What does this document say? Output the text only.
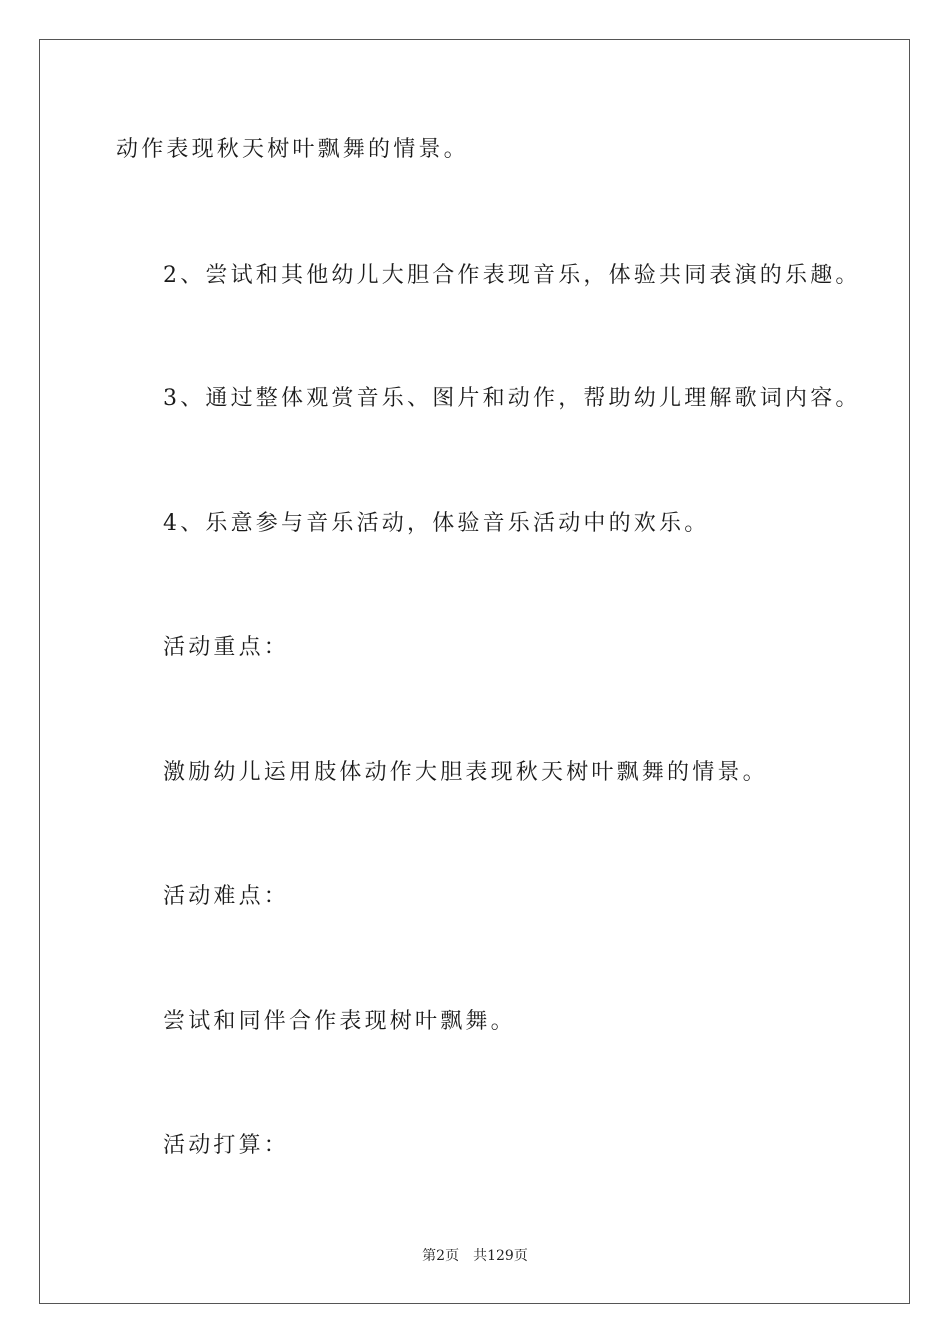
动作表现秋天树叶飘舞的情景。

2、尝试和其他幼儿大胆合作表现音乐，体验共同表演的乐趣。

3、通过整体观赏音乐、图片和动作，帮助幼儿理解歌词内容。

4、乐意参与音乐活动，体验音乐活动中的欢乐。

活动重点：

激励幼儿运用肢体动作大胆表现秋天树叶飘舞的情景。

活动难点：

尝试和同伴合作表现树叶飘舞。

活动打算：

第2页 共129页
